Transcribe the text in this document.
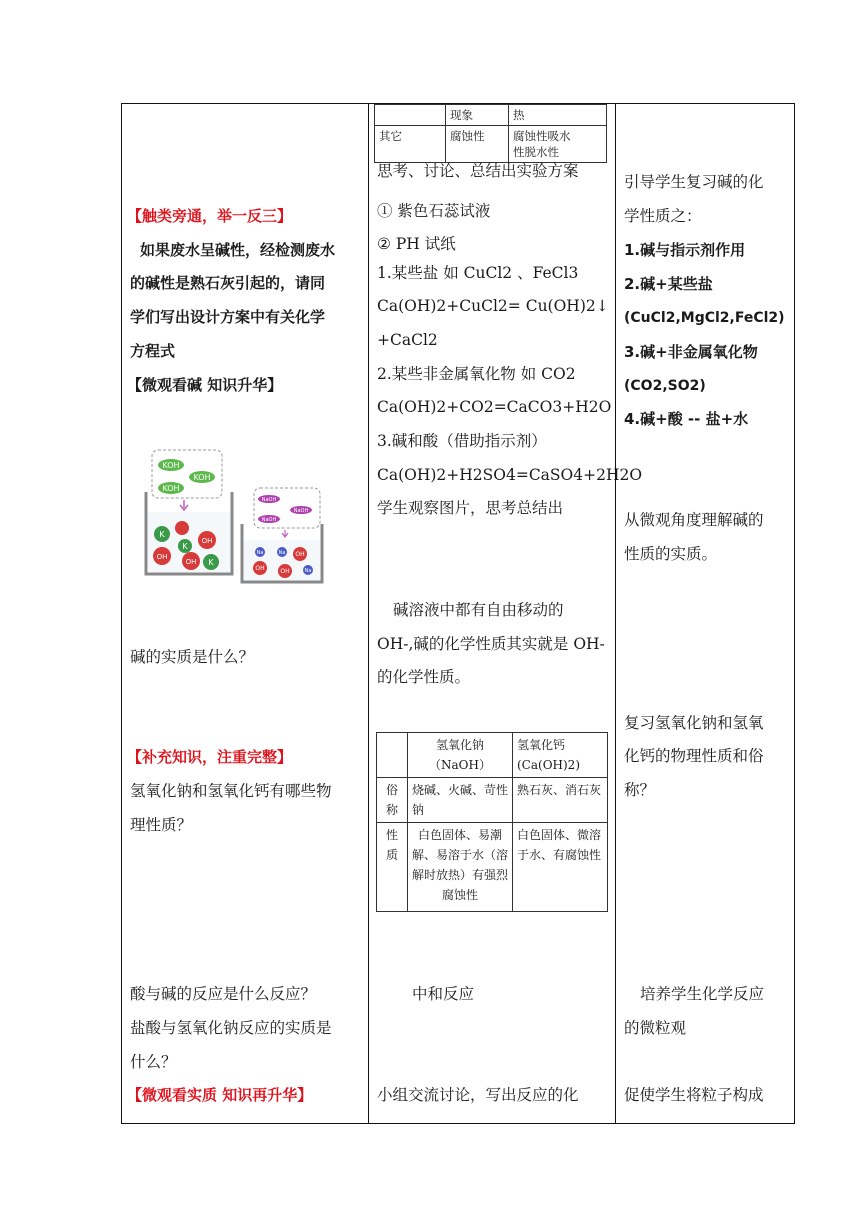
	现象	热
其它	腐蚀性	腐蚀性吸水
性脱水性
【触类旁通，举一反三】
如果废水呈碱性，经检测废水
的碱性是熟石灰引起的，请同
学们写出设计方案中有关化学
方程式
【微观看碱 知识升华】
KOH
KOH
KOH
K
OH
K
OH
OH K
NaOH
NaOH
NaOH
Na	OH
Na
OH	OH	Na
碱的实质是什么？
【补充知识，注重完整】
氢氧化钠和氢氧化钙有哪些物
理性质？
酸与碱的反应是什么反应？
盐酸与氢氧化钠反应的实质是
什么？
【微观看实质 知识再升华】
思考、讨论、总结出实验方案
① 紫色石蕊试液
② PH 试纸
1.某些盐 如 CuCl2 、FeCl3
Ca(OH)2+CuCl2= Cu(OH)2↓
+CaCl2
2.某些非金属氧化物 如 CO2
Ca(OH)2+CO2=CaCO3+H2O
3.碱和酸（借助指示剂）
Ca(OH)2+H2SO4=CaSO4+2H2O
学生观察图片，思考总结出
碱溶液中都有自由移动的
OH-,碱的化学性质其实就是 OH-
的化学性质。
	氢氧化钠（NaOH）	氢氧化钙(Ca(OH)2)
俗称	烧碱、火碱、苛性钠	熟石灰、消石灰
性质	白色固体、易潮解、易溶于水（溶解时放热）有强烈腐蚀性	白色固体、微溶于水、有腐蚀性
中和反应
小组交流讨论，写出反应的化
引导学生复习碱的化
学性质之：
1.碱与指示剂作用
2.碱+某些盐
(CuCl2,MgCl2,FeCl2)
3.碱+非金属氧化物
(CO2,SO2)
4.碱+酸 -- 盐+水
从微观角度理解碱的
性质的实质。
复习氢氧化钠和氢氧
化钙的物理性质和俗
称？
培养学生化学反应
的微粒观
促使学生将粒子构成
